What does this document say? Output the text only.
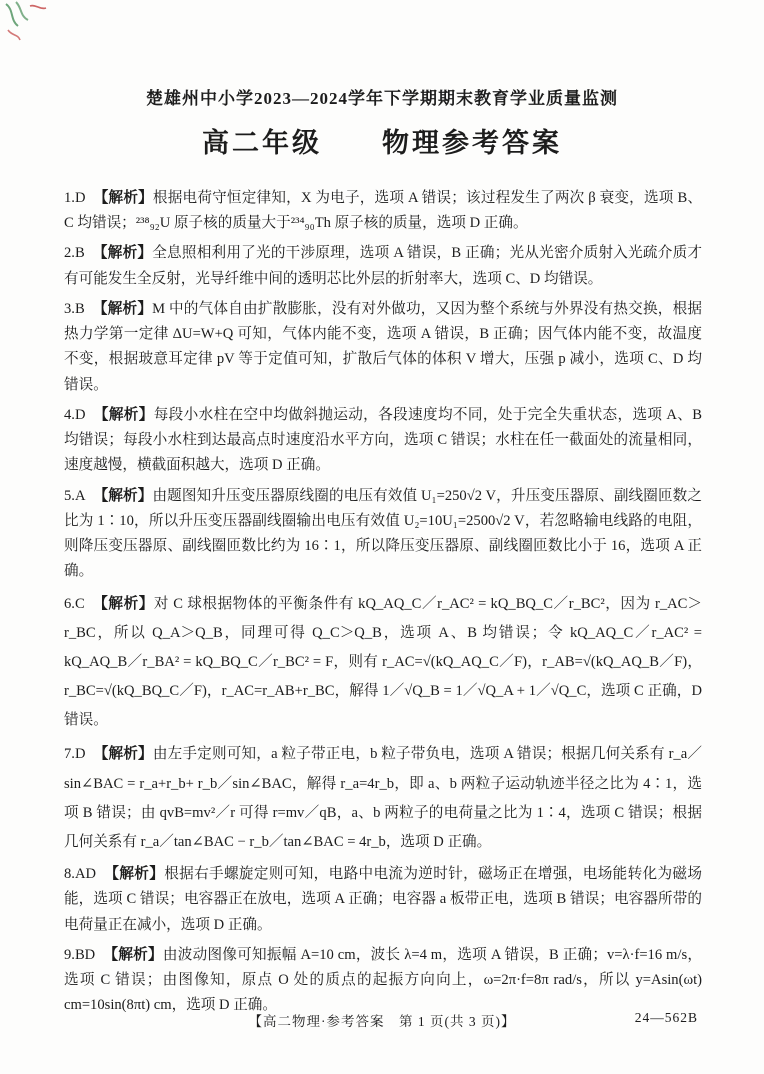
楚雄州中小学2023—2024学年下学期期末教育学业质量监测
高二年级　　物理参考答案
1.D 【解析】根据电荷守恒定律知，X 为电子，选项 A 错误；该过程发生了两次 β 衰变，选项 B、C 均错误；²³⁸₉₂U 原子核的质量大于²³⁴₉₀Th 原子核的质量，选项 D 正确。
2.B 【解析】全息照相利用了光的干涉原理，选项 A 错误，B 正确；光从光密介质射入光疏介质才有可能发生全反射，光导纤维中间的透明芯比外层的折射率大，选项 C、D 均错误。
3.B 【解析】M 中的气体自由扩散膨胀，没有对外做功，又因为整个系统与外界没有热交换，根据热力学第一定律 ΔU=W+Q 可知，气体内能不变，选项 A 错误，B 正确；因气体内能不变，故温度不变，根据玻意耳定律 pV 等于定值可知，扩散后气体的体积 V 增大，压强 p 减小，选项 C、D 均错误。
4.D 【解析】每段小水柱在空中均做斜抛运动，各段速度均不同，处于完全失重状态，选项 A、B 均错误；每段小水柱到达最高点时速度沿水平方向，选项 C 错误；水柱在任一截面处的流量相同，速度越慢，横截面积越大，选项 D 正确。
5.A 【解析】由题图知升压变压器原线圈的电压有效值 U₁=250√2 V，升压变压器原、副线圈匝数之比为 1∶10，所以升压变压器副线圈输出电压有效值 U₂=10U₁=2500√2 V，若忽略输电线路的电阻，则降压变压器原、副线圈匝数比约为 16∶1，所以降压变压器原、副线圈匝数比小于 16，选项 A 正确。
6.C 【解析】对 C 球根据物体的平衡条件有 kQ_AQ_C／r_AC² = kQ_BQ_C／r_BC²，因为 r_AC＞r_BC，所以 Q_A＞Q_B，同理可得 Q_C＞Q_B，选项 A、B 均错误；令 kQ_AQ_C／r_AC² = kQ_AQ_B／r_BA² = kQ_BQ_C／r_BC² = F，则有 r_AC=√(kQ_AQ_C／F)，r_AB=√(kQ_AQ_B／F)，r_BC=√(kQ_BQ_C／F)，r_AC=r_AB+r_BC，解得 1／√Q_B = 1／√Q_A + 1／√Q_C，选项 C 正确，D 错误。
7.D 【解析】由左手定则可知，a 粒子带正电，b 粒子带负电，选项 A 错误；根据几何关系有 r_a／sin∠BAC = r_a+r_b+ r_b／sin∠BAC，解得 r_a=4r_b，即 a、b 两粒子运动轨迹半径之比为 4∶1，选项 B 错误；由 qvB=mv²／r 可得 r=mv／qB，a、b 两粒子的电荷量之比为 1∶4，选项 C 错误；根据几何关系有 r_a／tan∠BAC − r_b／tan∠BAC = 4r_b，选项 D 正确。
8.AD 【解析】根据右手螺旋定则可知，电路中电流为逆时针，磁场正在增强，电场能转化为磁场能，选项 C 错误；电容器正在放电，选项 A 正确；电容器 a 板带正电，选项 B 错误；电容器所带的电荷量正在减小，选项 D 正确。
9.BD 【解析】由波动图像可知振幅 A=10 cm，波长 λ=4 m，选项 A 错误，B 正确；v=λ·f=16 m/s，选项 C 错误；由图像知，原点 O 处的质点的起振方向向上，ω=2π·f=8π rad/s，所以 y=Asin(ωt) cm=10sin(8πt) cm，选项 D 正确。
【高二物理·参考答案　第 1 页(共 3 页)】	24—562B
